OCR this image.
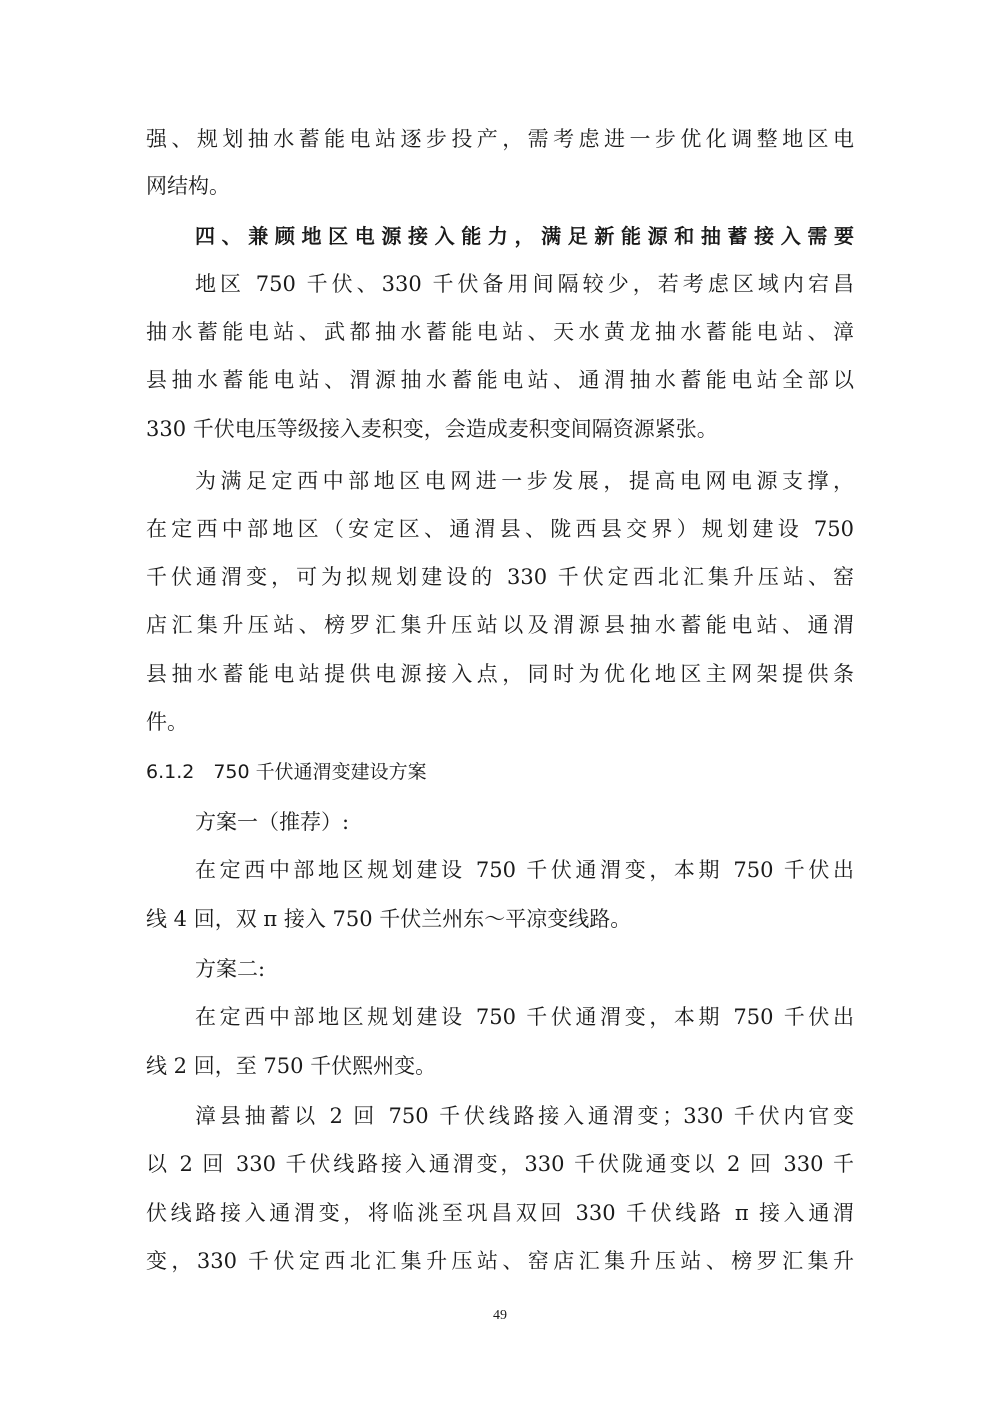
强、规划抽水蓄能电站逐步投产，需考虑进一步优化调整地区电

网结构。

四、兼顾地区电源接入能力，满足新能源和抽蓄接入需要

地区 750 千伏、330 千伏备用间隔较少，若考虑区域内宕昌

抽水蓄能电站、武都抽水蓄能电站、天水黄龙抽水蓄能电站、漳

县抽水蓄能电站、渭源抽水蓄能电站、通渭抽水蓄能电站全部以

330 千伏电压等级接入麦积变，会造成麦积变间隔资源紧张。

为满足定西中部地区电网进一步发展，提高电网电源支撑，

在定西中部地区（安定区、通渭县、陇西县交界）规划建设 750

千伏通渭变，可为拟规划建设的 330 千伏定西北汇集升压站、窑

店汇集升压站、榜罗汇集升压站以及渭源县抽水蓄能电站、通渭

县抽水蓄能电站提供电源接入点，同时为优化地区主网架提供条

件。

6.1.2　750 千伏通渭变建设方案

方案一（推荐）:

在定西中部地区规划建设 750 千伏通渭变，本期 750 千伏出

线 4 回，双 π 接入 750 千伏兰州东～平凉变线路。

方案二:

在定西中部地区规划建设 750 千伏通渭变，本期 750 千伏出

线 2 回，至 750 千伏熙州变。

漳县抽蓄以 2 回 750 千伏线路接入通渭变；330 千伏内官变

以 2 回 330 千伏线路接入通渭变，330 千伏陇通变以 2 回 330 千

伏线路接入通渭变，将临洮至巩昌双回 330 千伏线路 π 接入通渭

变，330 千伏定西北汇集升压站、窑店汇集升压站、榜罗汇集升

49
